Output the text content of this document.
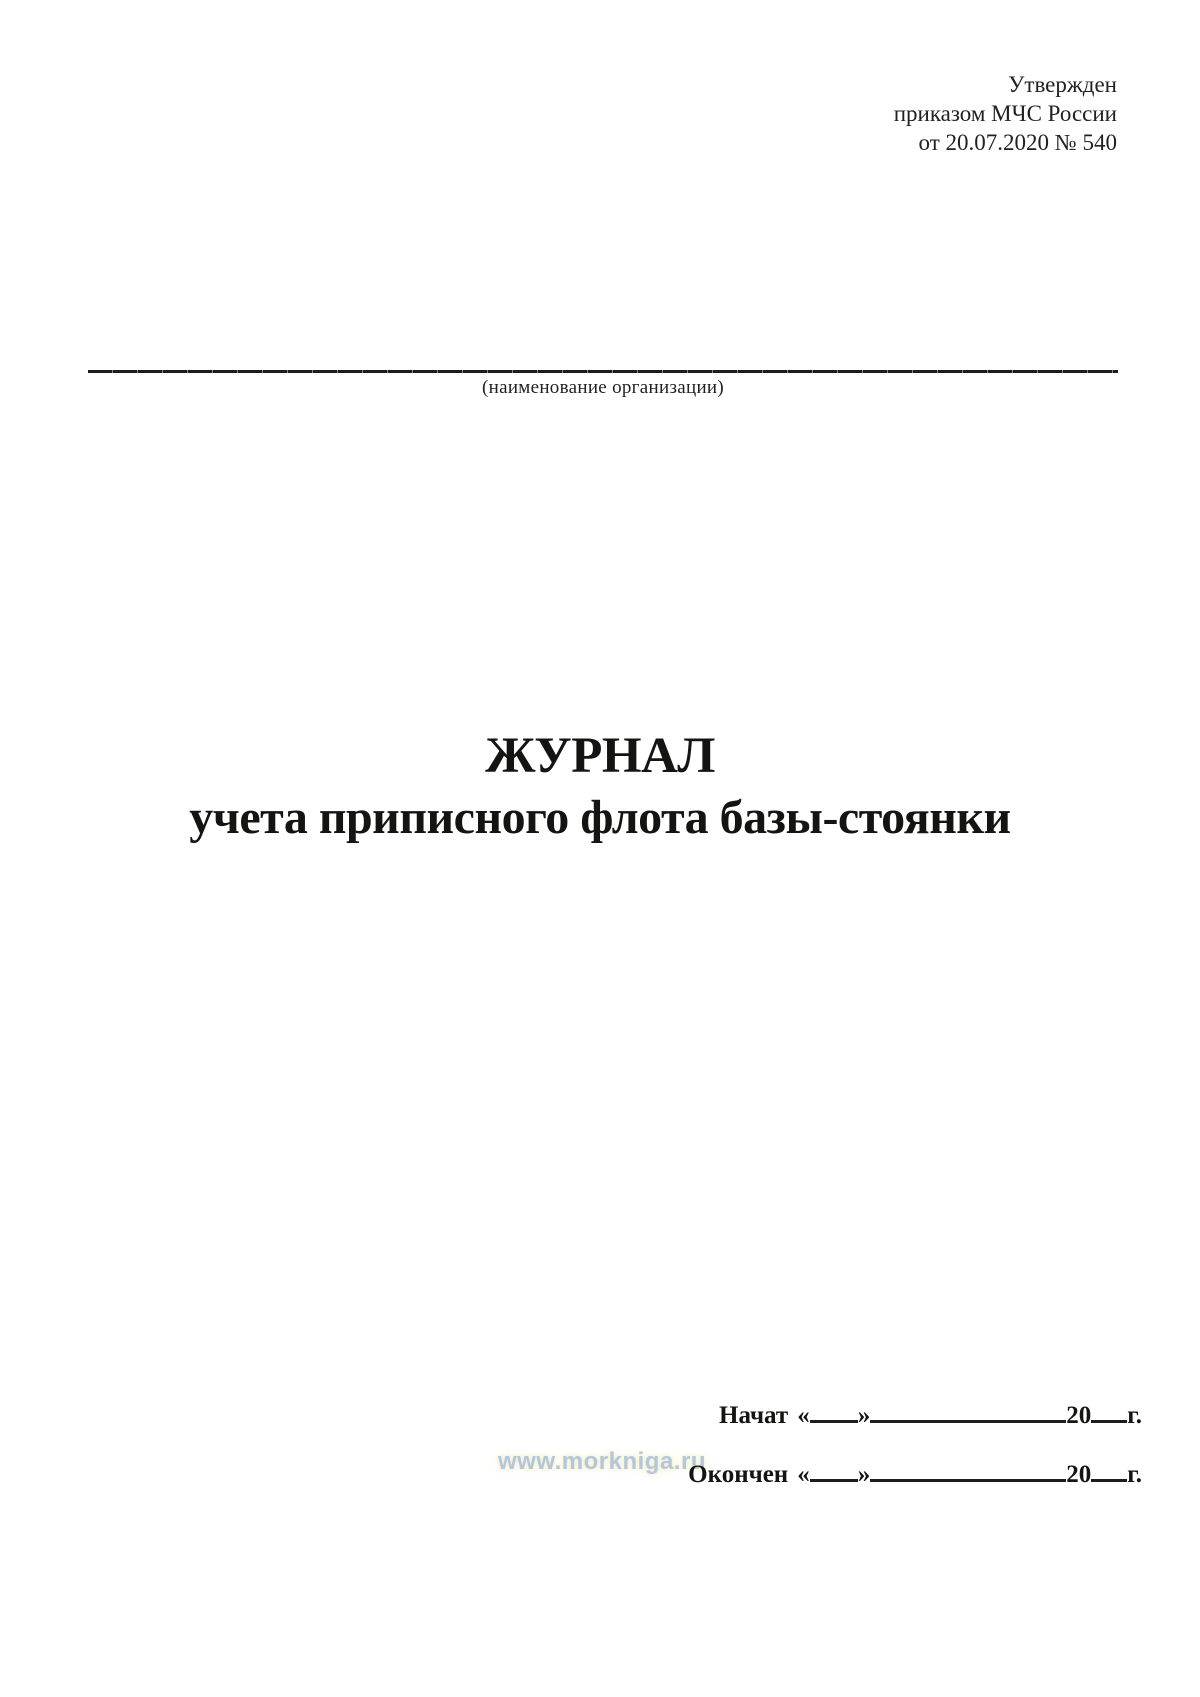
Утвержден
приказом МЧС России
от 20.07.2020 № 540
(наименование организации)
ЖУРНАЛ
учета приписного флота базы-стоянки
www.morkniga.ru
Начат « »	20 г.
Окончен « »	20 г.
